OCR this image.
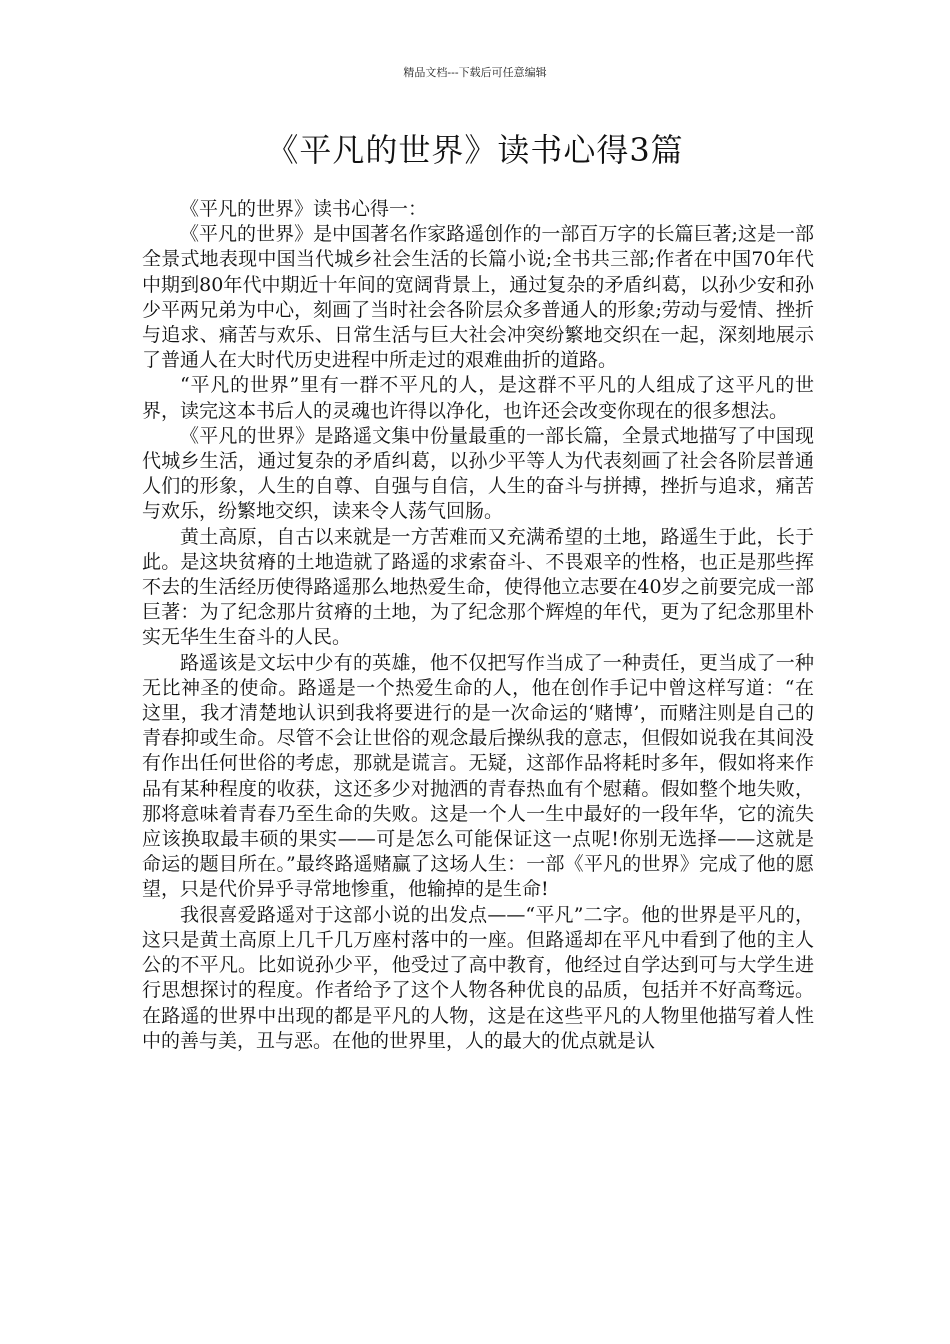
精品文档---下载后可任意编辑
《平凡的世界》读书心得3篇

《平凡的世界》读书心得一：

《平凡的世界》是中国著名作家路遥创作的一部百万字的长篇巨著;这是一部全景式地表现中国当代城乡社会生活的长篇小说;全书共三部;作者在中国70年代中期到80年代中期近十年间的宽阔背景上，通过复杂的矛盾纠葛，以孙少安和孙少平两兄弟为中心，刻画了当时社会各阶层众多普通人的形象;劳动与爱情、挫折与追求、痛苦与欢乐、日常生活与巨大社会冲突纷繁地交织在一起，深刻地展示了普通人在大时代历史进程中所走过的艰难曲折的道路。

“平凡的世界”里有一群不平凡的人，是这群不平凡的人组成了这平凡的世界，读完这本书后人的灵魂也许得以净化，也许还会改变你现在的很多想法。

《平凡的世界》是路遥文集中份量最重的一部长篇，全景式地描写了中国现代城乡生活，通过复杂的矛盾纠葛，以孙少平等人为代表刻画了社会各阶层普通人们的形象，人生的自尊、自强与自信，人生的奋斗与拼搏，挫折与追求，痛苦与欢乐，纷繁地交织，读来令人荡气回肠。

黄土高原，自古以来就是一方苦难而又充满希望的土地，路遥生于此，长于此。是这块贫瘠的土地造就了路遥的求索奋斗、不畏艰辛的性格，也正是那些挥不去的生活经历使得路遥那么地热爱生命，使得他立志要在40岁之前要完成一部巨著：为了纪念那片贫瘠的土地，为了纪念那个辉煌的年代，更为了纪念那里朴实无华生生奋斗的人民。

路遥该是文坛中少有的英雄，他不仅把写作当成了一种责任，更当成了一种无比神圣的使命。路遥是一个热爱生命的人，他在创作手记中曾这样写道：“在这里，我才清楚地认识到我将要进行的是一次命运的‘赌博’，而赌注则是自己的青春抑或生命。尽管不会让世俗的观念最后操纵我的意志，但假如说我在其间没有作出任何世俗的考虑，那就是谎言。无疑，这部作品将耗时多年，假如将来作品有某种程度的收获，这还多少对抛洒的青春热血有个慰藉。假如整个地失败，那将意味着青春乃至生命的失败。这是一个人一生中最好的一段年华，它的流失应该换取最丰硕的果实——可是怎么可能保证这一点呢!你别无选择——这就是命运的题目所在。”最终路遥赌赢了这场人生：一部《平凡的世界》完成了他的愿望，只是代价异乎寻常地惨重，他输掉的是生命!

我很喜爱路遥对于这部小说的出发点——“平凡”二字。他的世界是平凡的，这只是黄土高原上几千几万座村落中的一座。但路遥却在平凡中看到了他的主人公的不平凡。比如说孙少平，他受过了高中教育，他经过自学达到可与大学生进行思想探讨的程度。作者给予了这个人物各种优良的品质，包括并不好高骛远。在路遥的世界中出现的都是平凡的人物，这是在这些平凡的人物里他描写着人性中的善与美，丑与恶。在他的世界里，人的最大的优点就是认
